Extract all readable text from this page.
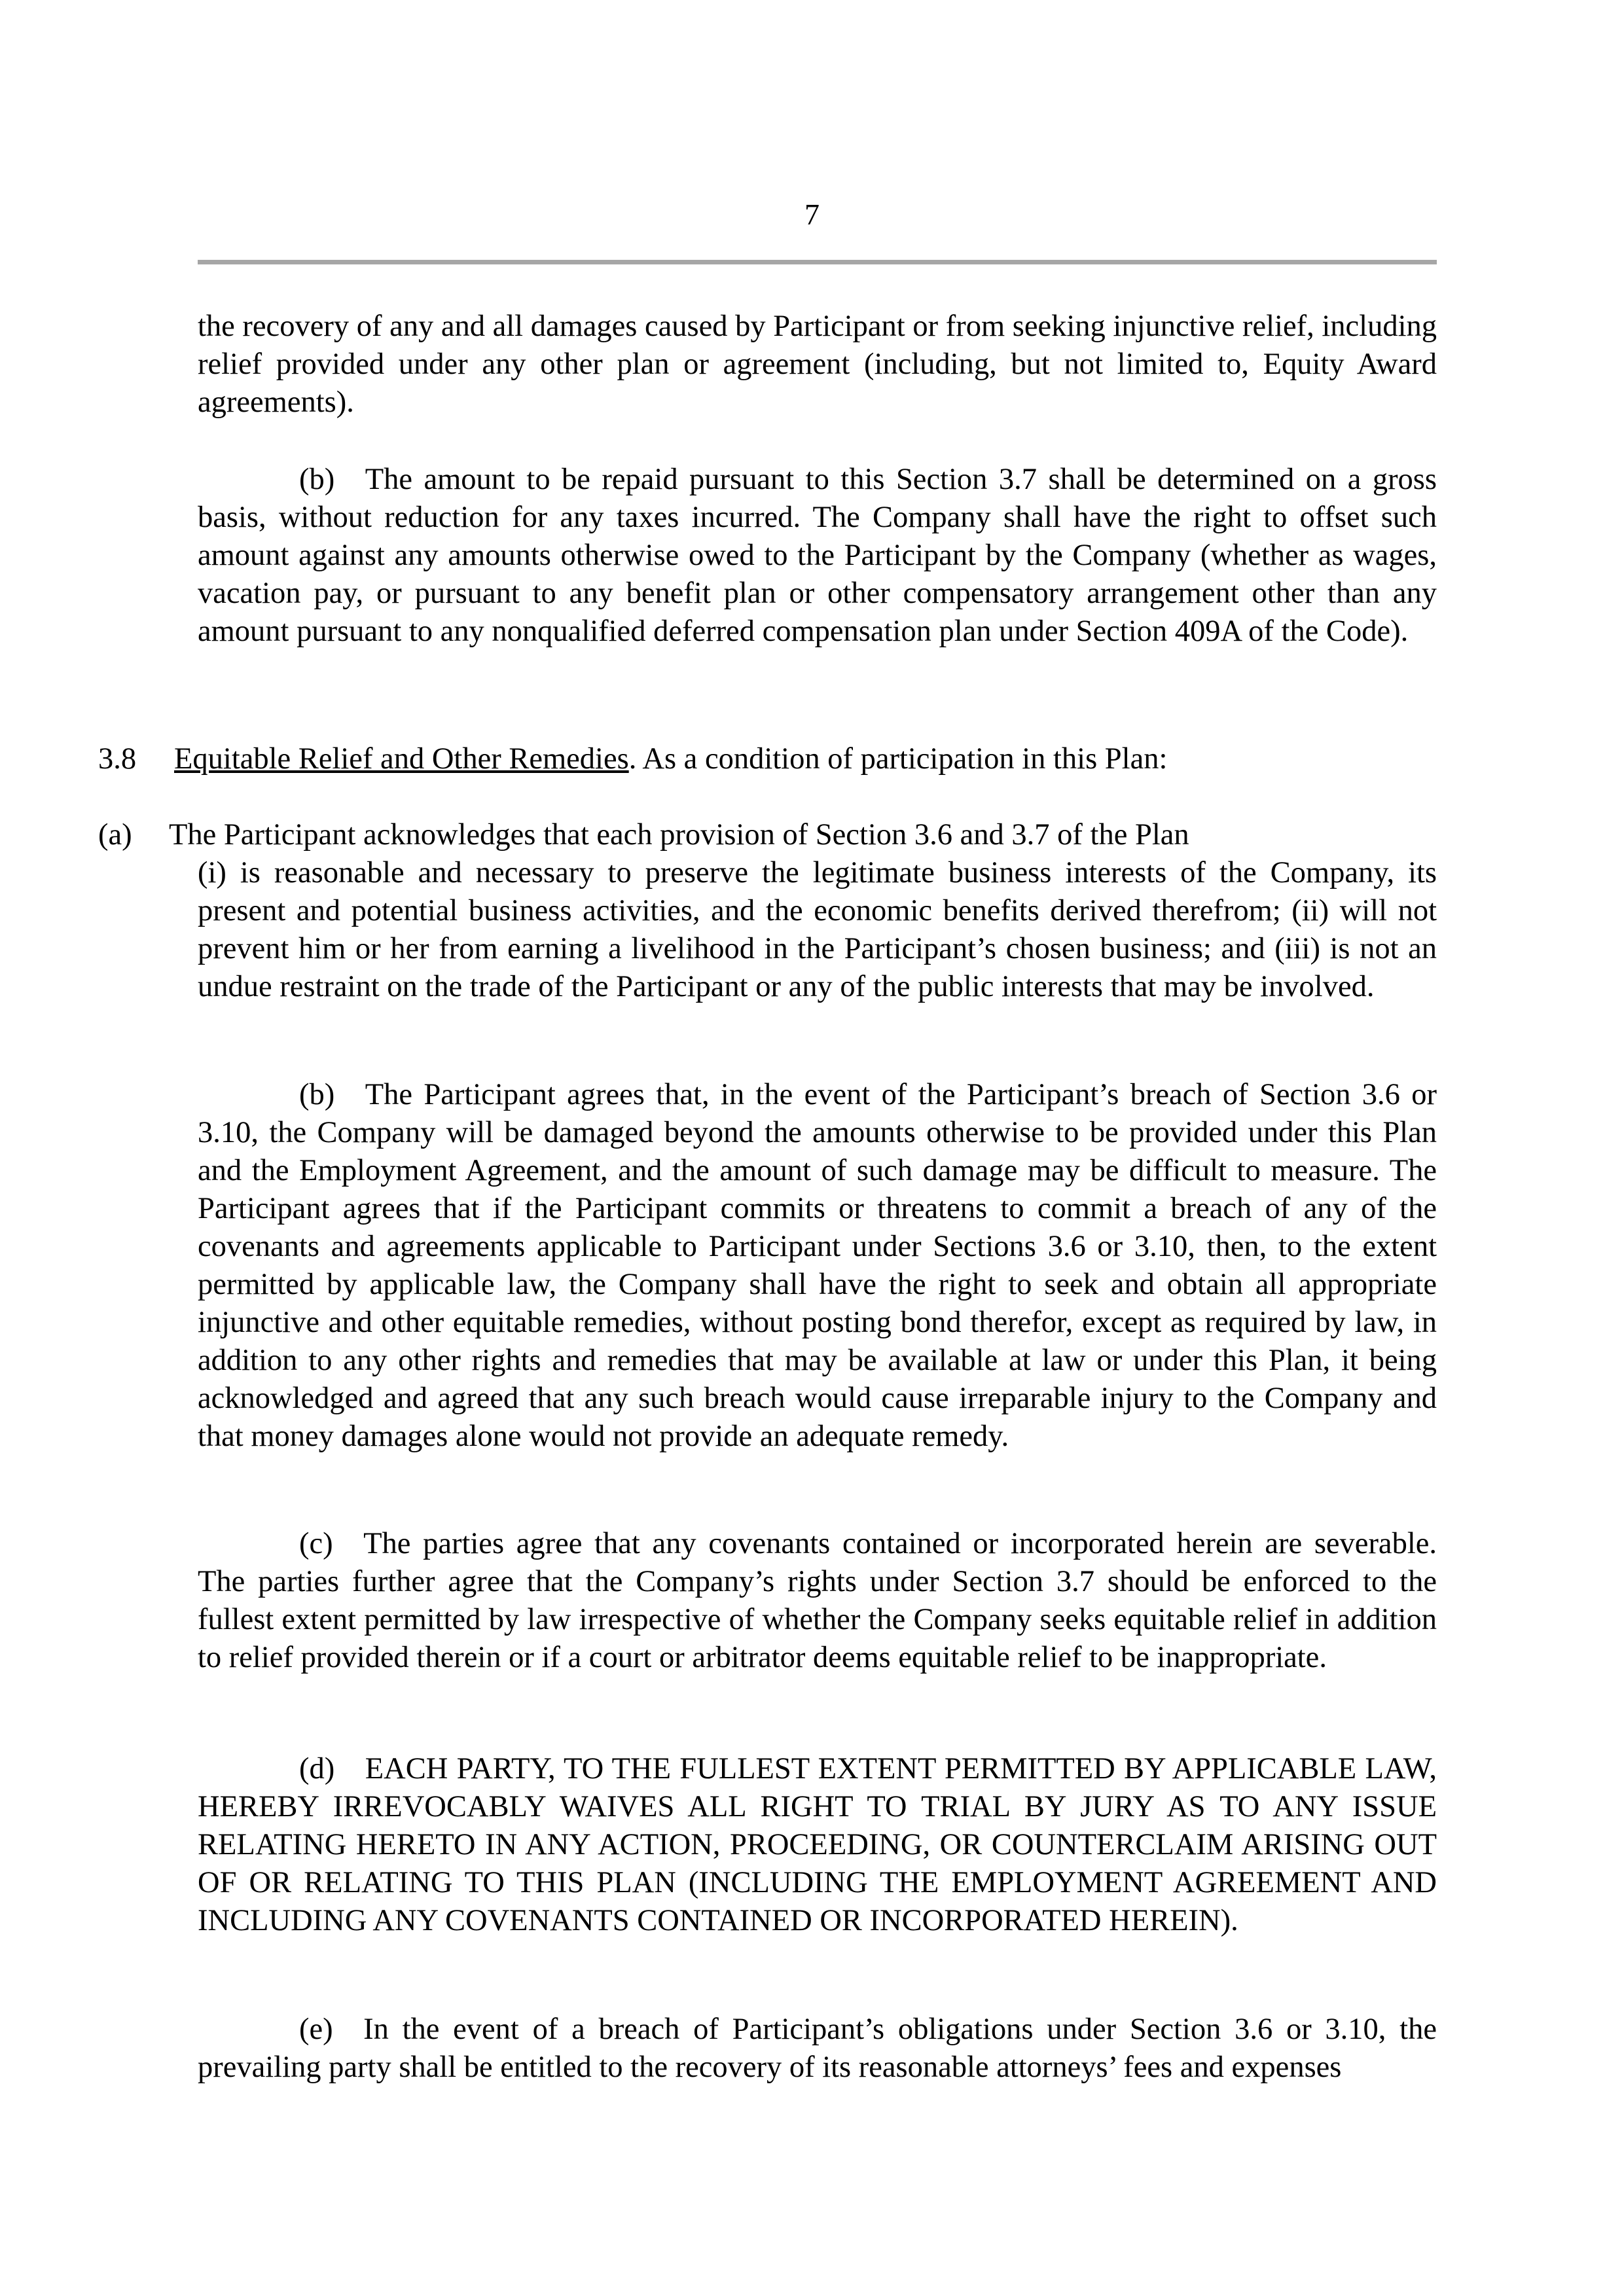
7

the recovery of any and all damages caused by Participant or from seeking injunctive relief, including relief provided under any other plan or agreement (including, but not limited to, Equity Award agreements).

(b) The amount to be repaid pursuant to this Section 3.7 shall be determined on a gross basis, without reduction for any taxes incurred. The Company shall have the right to offset such amount against any amounts otherwise owed to the Participant by the Company (whether as wages, vacation pay, or pursuant to any benefit plan or other compensatory arrangement other than any amount pursuant to any nonqualified deferred compensation plan under Section 409A of the Code).

3.8 Equitable Relief and Other Remedies. As a condition of participation in this Plan:
(a) The Participant acknowledges that each provision of Section 3.6 and 3.7 of the Plan

(i) is reasonable and necessary to preserve the legitimate business interests of the Company, its present and potential business activities, and the economic benefits derived therefrom; (ii) will not prevent him or her from earning a livelihood in the Participant’s chosen business; and (iii) is not an undue restraint on the trade of the Participant or any of the public interests that may be involved.

(b) The Participant agrees that, in the event of the Participant’s breach of Section 3.6 or 3.10, the Company will be damaged beyond the amounts otherwise to be provided under this Plan and the Employment Agreement, and the amount of such damage may be difficult to measure. The Participant agrees that if the Participant commits or threatens to commit a breach of any of the covenants and agreements applicable to Participant under Sections 3.6 or 3.10, then, to the extent permitted by applicable law, the Company shall have the right to seek and obtain all appropriate injunctive and other equitable remedies, without posting bond therefor, except as required by law, in addition to any other rights and remedies that may be available at law or under this Plan, it being acknowledged and agreed that any such breach would cause irreparable injury to the Company and that money damages alone would not provide an adequate remedy.

(c) The parties agree that any covenants contained or incorporated herein are severable. The parties further agree that the Company’s rights under Section 3.7 should be enforced to the fullest extent permitted by law irrespective of whether the Company seeks equitable relief in addition to relief provided therein or if a court or arbitrator deems equitable relief to be inappropriate.

(d) EACH PARTY, TO THE FULLEST EXTENT PERMITTED BY APPLICABLE LAW, HEREBY IRREVOCABLY WAIVES ALL RIGHT TO TRIAL BY JURY AS TO ANY ISSUE RELATING HERETO IN ANY ACTION, PROCEEDING, OR COUNTERCLAIM ARISING OUT OF OR RELATING TO THIS PLAN (INCLUDING THE EMPLOYMENT AGREEMENT AND INCLUDING ANY COVENANTS CONTAINED OR INCORPORATED HEREIN).

(e) In the event of a breach of Participant’s obligations under Section 3.6 or 3.10, the prevailing party shall be entitled to the recovery of its reasonable attorneys’ fees and expenses
